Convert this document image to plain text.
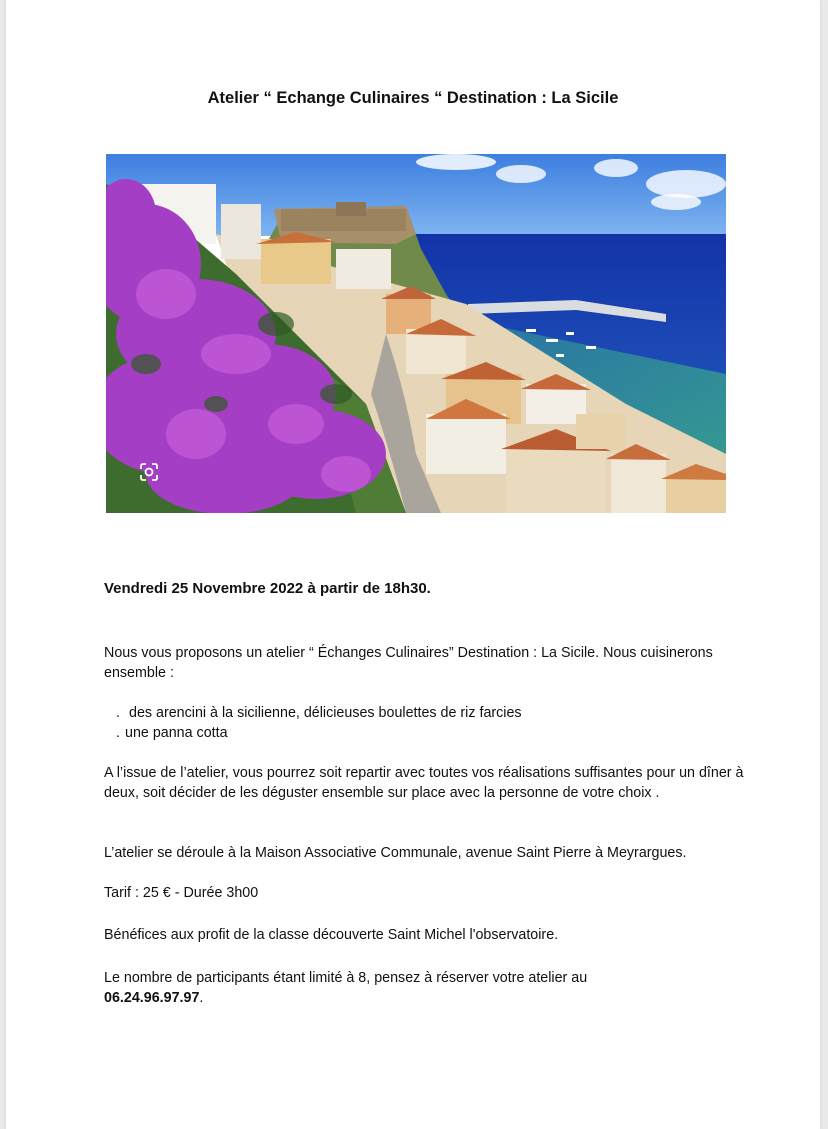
Atelier “ Echange Culinaires “ Destination : La Sicile

Vendredi 25 Novembre 2022 à partir de 18h30.

Nous vous proposons un atelier “ Échanges Culinaires” Destination : La Sicile. Nous cuisinerons ensemble :

. des arencini à la sicilienne, délicieuses boulettes de riz farcies
. une panna cotta

A l’issue de l’atelier, vous pourrez soit repartir avec toutes vos réalisations suffisantes pour un dîner à deux, soit décider de les déguster ensemble sur place avec la personne de votre choix .

L’atelier se déroule à la Maison Associative Communale, avenue Saint Pierre à Meyrargues.

Tarif : 25 € - Durée 3h00

Bénéfices aux profit de la classe découverte Saint Michel l'observatoire.

Le nombre de participants étant limité à 8, pensez à réserver votre atelier au
06.24.96.97.97.
